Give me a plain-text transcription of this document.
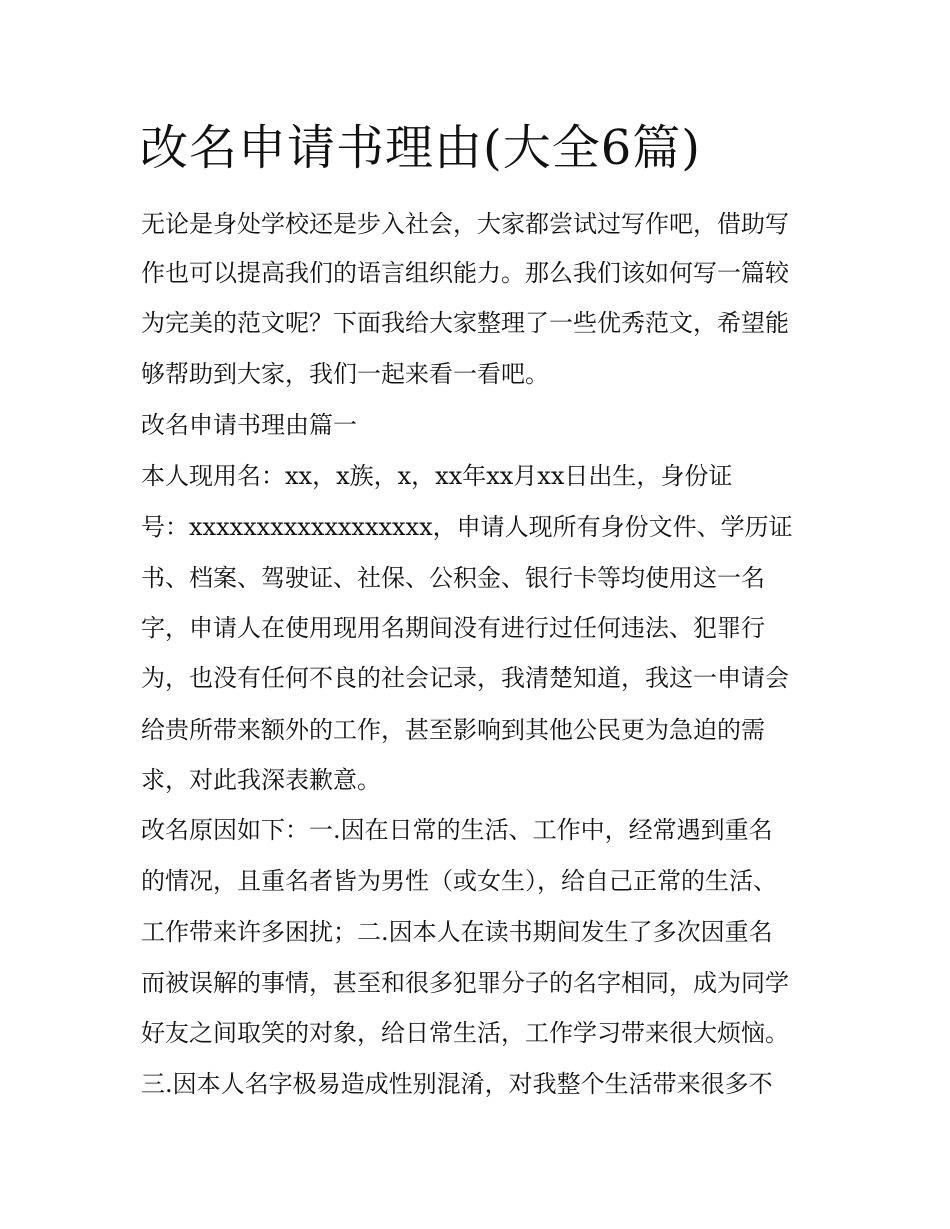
改名申请书理由(大全6篇)

无论是身处学校还是步入社会，大家都尝试过写作吧，借助写

作也可以提高我们的语言组织能力。那么我们该如何写一篇较

为完美的范文呢？下面我给大家整理了一些优秀范文，希望能

够帮助到大家，我们一起来看一看吧。

改名申请书理由篇一

本人现用名：xx，x族，x，xx年xx月xx日出生，身份证

号：xxxxxxxxxxxxxxxxxx，申请人现所有身份文件、学历证

书、档案、驾驶证、社保、公积金、银行卡等均使用这一名

字，申请人在使用现用名期间没有进行过任何违法、犯罪行

为，也没有任何不良的社会记录，我清楚知道，我这一申请会

给贵所带来额外的工作，甚至影响到其他公民更为急迫的需

求，对此我深表歉意。

改名原因如下：一.因在日常的生活、工作中，经常遇到重名

的情况，且重名者皆为男性（或女生），给自己正常的生活、

工作带来许多困扰；二.因本人在读书期间发生了多次因重名

而被误解的事情，甚至和很多犯罪分子的名字相同，成为同学

好友之间取笑的对象，给日常生活，工作学习带来很大烦恼。

三.因本人名字极易造成性别混淆，对我整个生活带来很多不
